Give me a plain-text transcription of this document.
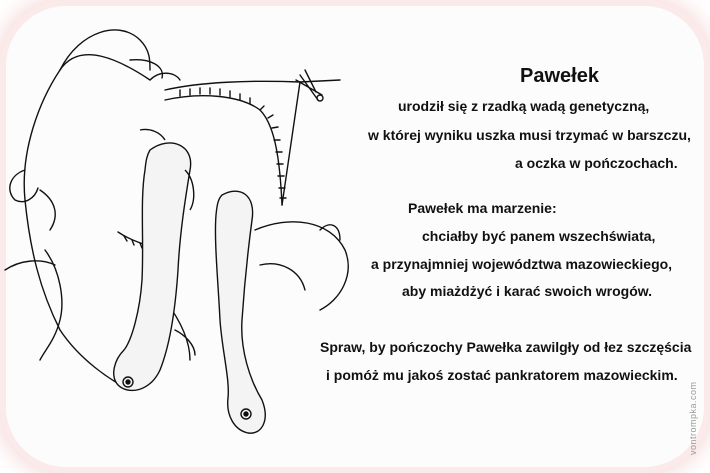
Pawełek
urodził się z rzadką wadą genetyczną,
w której wyniku uszka musi trzymać w barszczu,
a oczka w pończochach.
Pawełek ma marzenie:
chciałby być panem wszechświata,
a przynajmniej województwa mazowieckiego,
aby miażdżyć i karać swoich wrogów.
Spraw, by pończochy Pawełka zawilgły od łez szczęścia
i pomóż mu jakoś zostać pankratorem mazowieckim.
vontrompka.com
